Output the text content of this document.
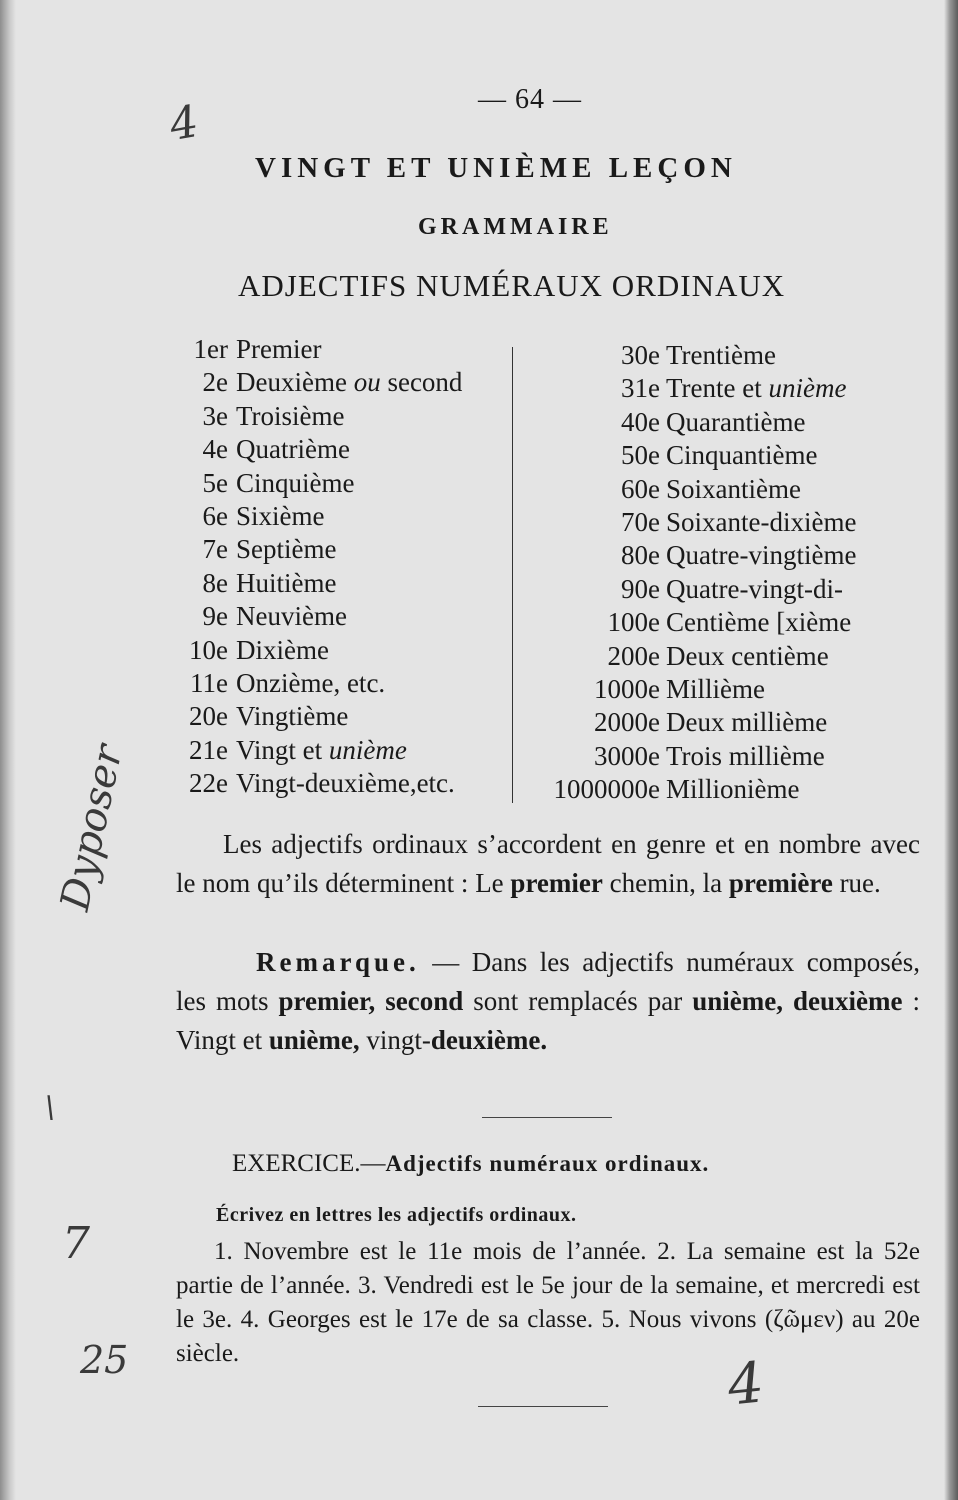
— 64 —
4
Dyposer
\
7
25	4
VINGT ET UNIÈME LEÇON
GRAMMAIRE
ADJECTIFS NUMÉRAUX ORDINAUX
1er Premier
2e Deuxième ou second
3e Troisième
4e Quatrième
5e Cinquième
6e Sixième
7e Septième
8e Huitième
9e Neuvième
10e Dixième
11e Onzième, etc.
20e Vingtième
21e Vingt et unième
22e Vingt-deuxième,etc.
30e Trentième
31e Trente et unième
40e Quarantième
50e Cinquantième
60e Soixantième
70e Soixante-dixième
80e Quatre-vingtième
90e Quatre-vingt-di-
100e Centième [xième
200e Deux centième
1000e Millième
2000e Deux millième
3000e Trois millième
1000000e Millionième
Les adjectifs ordinaux s’accordent en genre et en nombre avec le nom qu’ils déterminent : Le premier chemin, la première rue.
Remarque. — Dans les adjectifs numéraux composés, les mots premier, second sont remplacés par unième, deuxième : Vingt et unième, vingt-deuxième.
EXERCICE.—Adjectifs numéraux ordinaux.
Écrivez en lettres les adjectifs ordinaux.
1. Novembre est le 11e mois de l’année. 2. La semaine est la 52e partie de l’année. 3. Vendredi est le 5e jour de la semaine, et mercredi est le 3e. 4. Georges est le 17e de sa classe. 5. Nous vivons (ζῶμεν) au 20e siècle.
